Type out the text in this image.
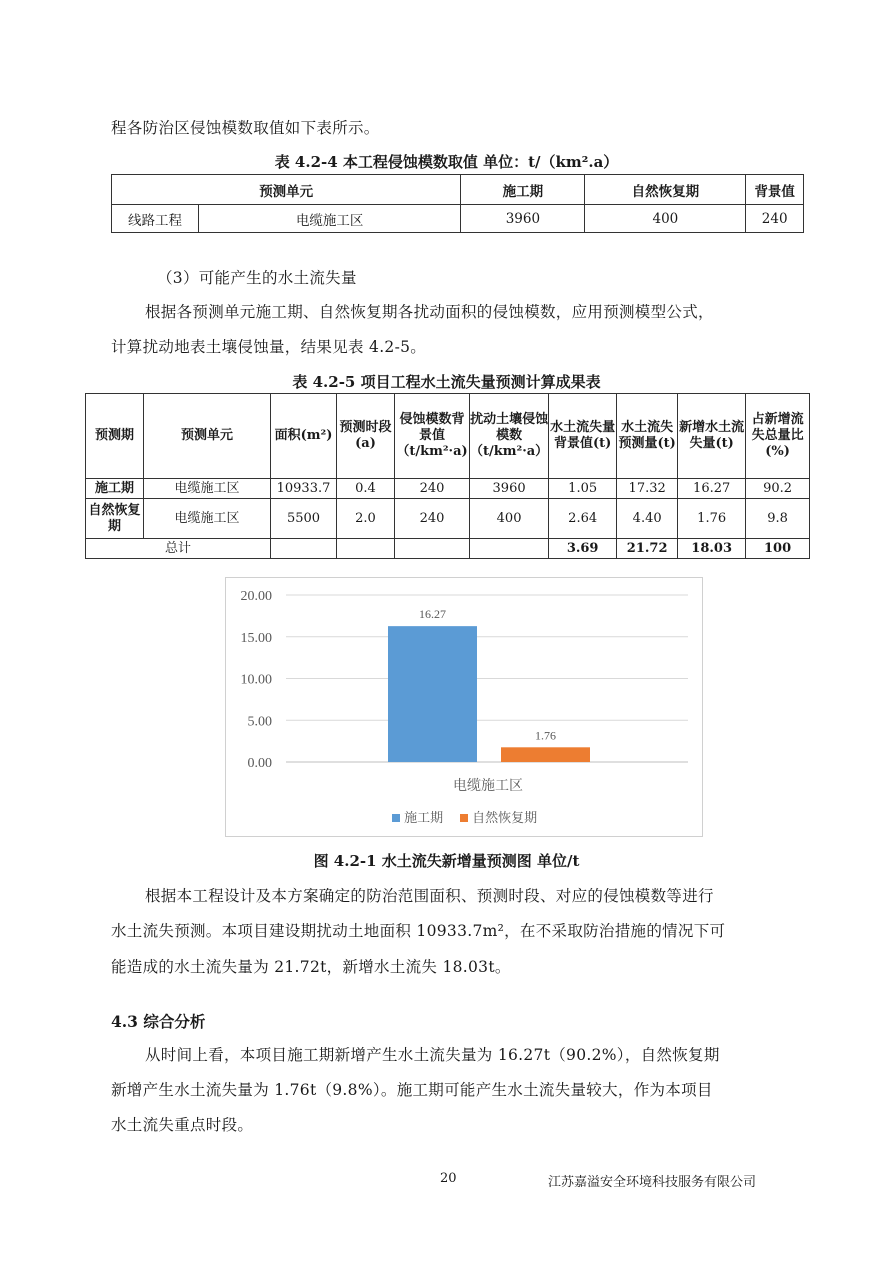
程各防治区侵蚀模数取值如下表所示。
表 4.2-4 本工程侵蚀模数取值 单位：t/（km².a）
预测单元		施工期	自然恢复期	背景值
线路工程	电缆施工区	3960	400	240
（3）可能产生的水土流失量
根据各预测单元施工期、自然恢复期各扰动面积的侵蚀模数，应用预测模型公式，
计算扰动地表土壤侵蚀量，结果见表 4.2-5。
表 4.2-5 项目工程水土流失量预测计算成果表
预测期	预测单元	面积(m²)	预测时段(a)	侵蚀模数背景值（t/km²·a)	扰动土壤侵蚀模数（t/km²·a）	水土流失量背景值(t)	水土流失预测量(t)	新增水土流失量(t)	占新增流失总量比(%)
施工期	电缆施工区	10933.7	0.4	240	3960	1.05	17.32	16.27	90.2
自然恢复期	电缆施工区	5500	2.0	240	400	2.64	4.40	1.76	9.8
总计						3.69	21.72	18.03	100
20.00
15.00
10.00
5.00
0.00
16.27
1.76
电缆施工区
施工期	自然恢复期
图 4.2-1 水土流失新增量预测图 单位/t
根据本工程设计及本方案确定的防治范围面积、预测时段、对应的侵蚀模数等进行
水土流失预测。本项目建设期扰动土地面积 10933.7m²，在不采取防治措施的情况下可
能造成的水土流失量为 21.72t，新增水土流失 18.03t。
4.3 综合分析
从时间上看，本项目施工期新增产生水土流失量为 16.27t（90.2%），自然恢复期
新增产生水土流失量为 1.76t（9.8%）。施工期可能产生水土流失量较大，作为本项目
水土流失重点时段。
20	江苏嘉溢安全环境科技服务有限公司
